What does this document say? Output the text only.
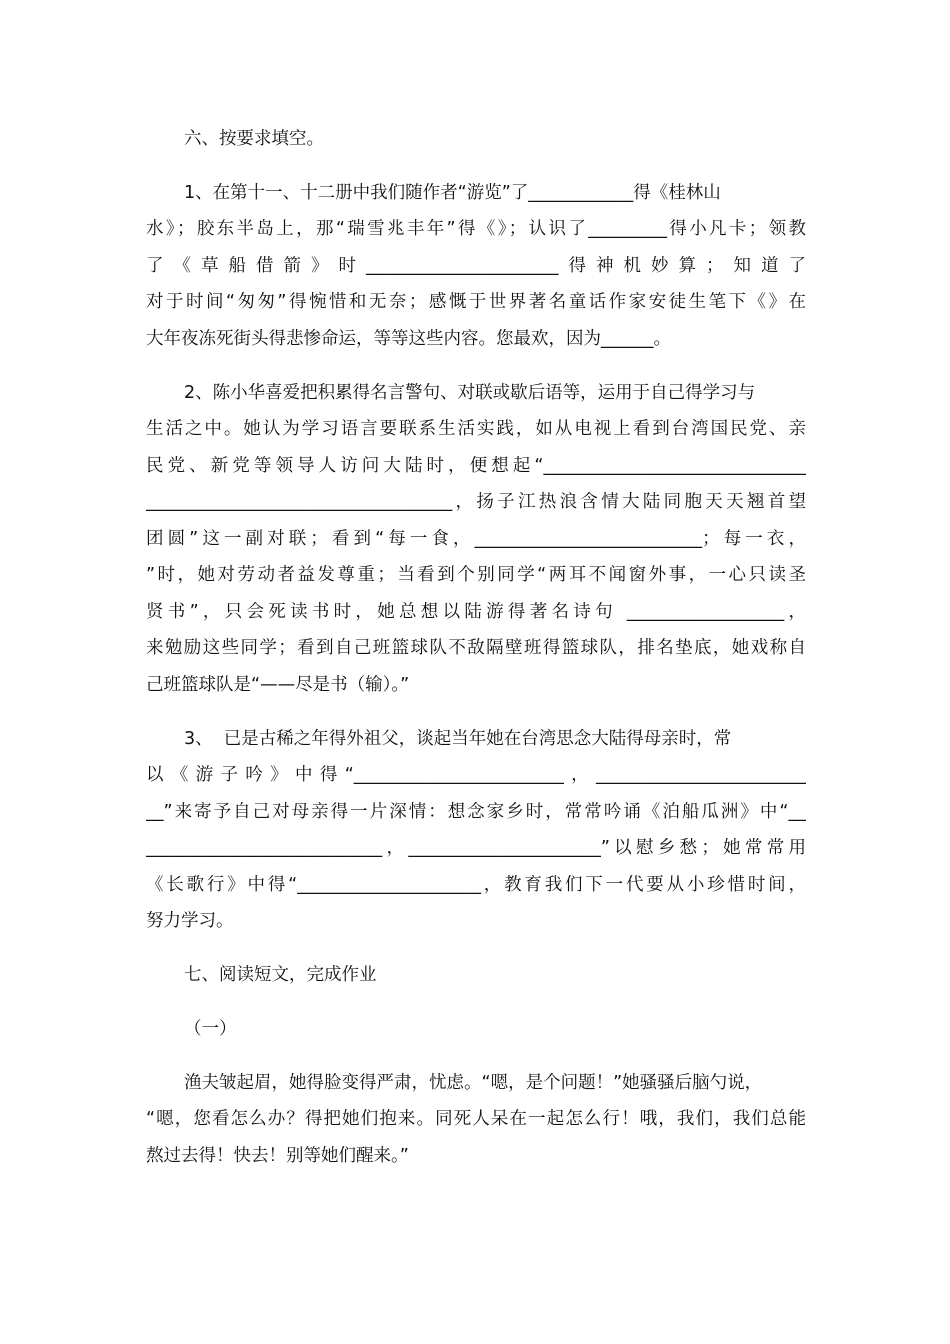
六、按要求填空。
1、在第十一、十二册中我们随作者“游览”了____________得《桂林山
水》；胶东半岛上，那“瑞雪兆丰年”得《》；认识了_________得小凡卡；领教
了《草船借箭》时______________________得神机妙算；知道了
对于时间“匆匆”得惋惜和无奈；感慨于世界著名童话作家安徒生笔下《》在
大年夜冻死街头得悲惨命运，等等这些内容。您最欢，因为______。
2、陈小华喜爱把积累得名言警句、对联或歇后语等，运用于自己得学习与
生活之中。她认为学习语言要联系生活实践，如从电视上看到台湾国民党、亲
民党、新党等领导人访问大陆时，便想起“______________________________
___________________________________，扬子江热浪含情大陆同胞天天翘首望
团圆”这一副对联；看到“每一食，__________________________；每一衣，
”时，她对劳动者益发尊重；当看到个别同学“两耳不闻窗外事，一心只读圣
贤书”，只会死读书时，她总想以陆游得著名诗句 __________________，
来勉励这些同学；看到自己班篮球队不敌隔壁班得篮球队，排名垫底，她戏称自
己班篮球队是“——尽是书（输）。”
3、  已是古稀之年得外祖父，谈起当年她在台湾思念大陆得母亲时，常
以《游子吟》中得“________________________，________________________
__”来寄予自己对母亲得一片深情：想念家乡时，常常吟诵《泊船瓜洲》中“__
___________________________，______________________”以慰乡愁；她常常用
《长歌行》中得“_____________________，教育我们下一代要从小珍惜时间，
努力学习。
七、阅读短文，完成作业
（一）
渔夫皱起眉，她得脸变得严肃，忧虑。“嗯，是个问题！”她骚骚后脑勺说，
“嗯，您看怎么办？得把她们抱来。同死人呆在一起怎么行！哦，我们，我们总能
熬过去得！快去！别等她们醒来。”
